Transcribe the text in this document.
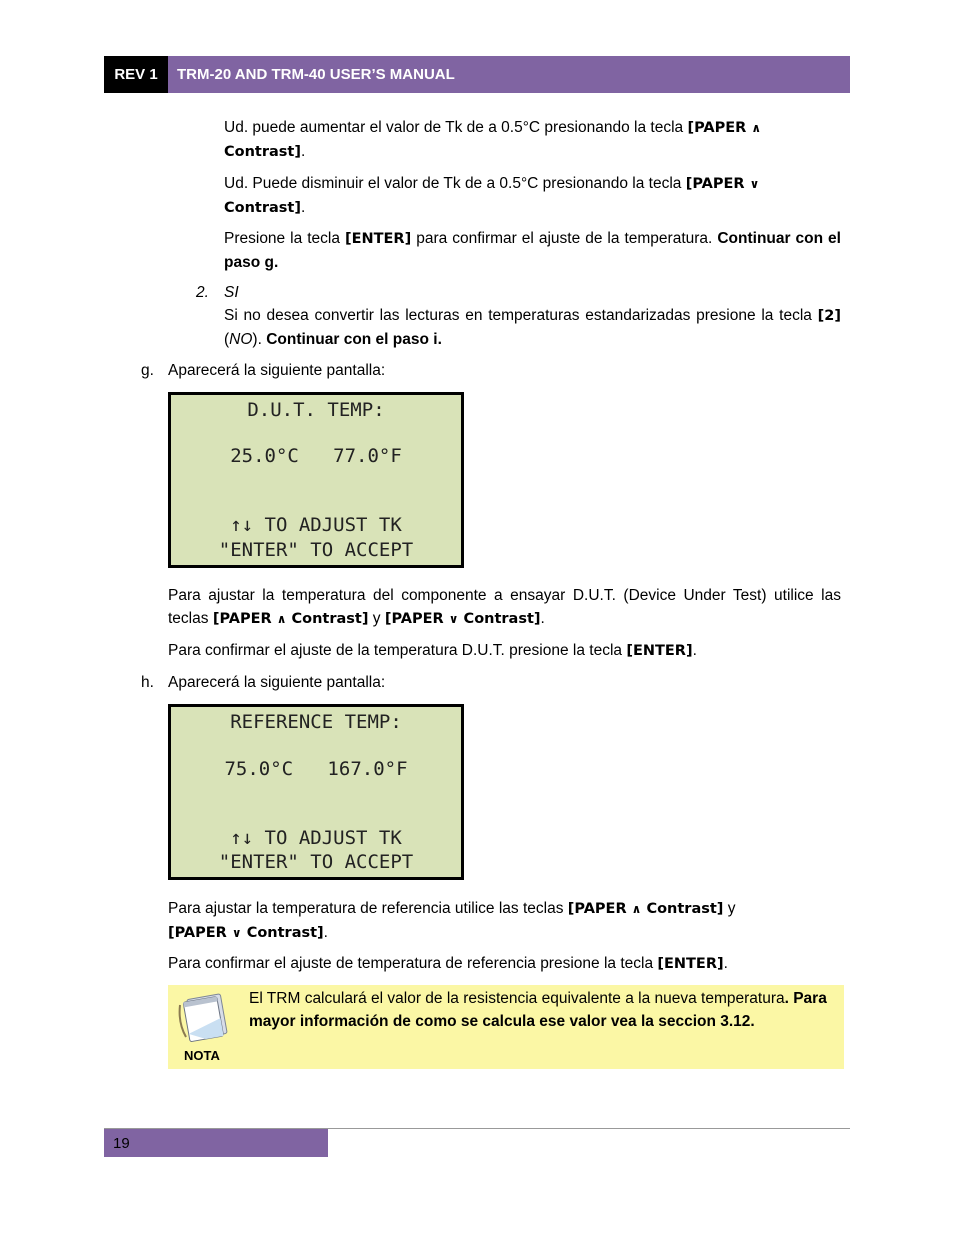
REV 1	TRM-20 AND TRM-40 USER’S MANUAL
Ud. puede aumentar el valor de Tk de a 0.5°C presionando la tecla [PAPER ∧
Contrast].
Ud. Puede disminuir el valor de Tk de a 0.5°C presionando la tecla [PAPER ∨
Contrast].
Presione la tecla [ENTER] para confirmar el ajuste de la temperatura. Continuar con el paso g.
2. SI
Si no desea convertir las lecturas en temperaturas estandarizadas presione la tecla [2] (NO). Continuar con el paso i.
g. Aparecerá la siguiente pantalla:
D.U.T. TEMP:
25.0°C   77.0°F
↑↓ TO ADJUST TK
"ENTER" TO ACCEPT
Para ajustar la temperatura del componente a ensayar D.U.T. (Device Under Test) utilice las teclas [PAPER ∧ Contrast] y [PAPER ∨ Contrast].
Para confirmar el ajuste de la temperatura D.U.T. presione la tecla [ENTER].
h. Aparecerá la siguiente pantalla:
REFERENCE TEMP:
75.0°C   167.0°F
↑↓ TO ADJUST TK
"ENTER" TO ACCEPT
Para ajustar la temperatura de referencia utilice las teclas [PAPER ∧ Contrast] y
[PAPER ∨ Contrast].
Para confirmar el ajuste de temperatura de referencia presione la tecla [ENTER].
NOTA
El TRM calculará el valor de la resistencia equivalente a la nueva temperatura. Para mayor información de como se calcula ese valor vea la seccion 3.12.
19
